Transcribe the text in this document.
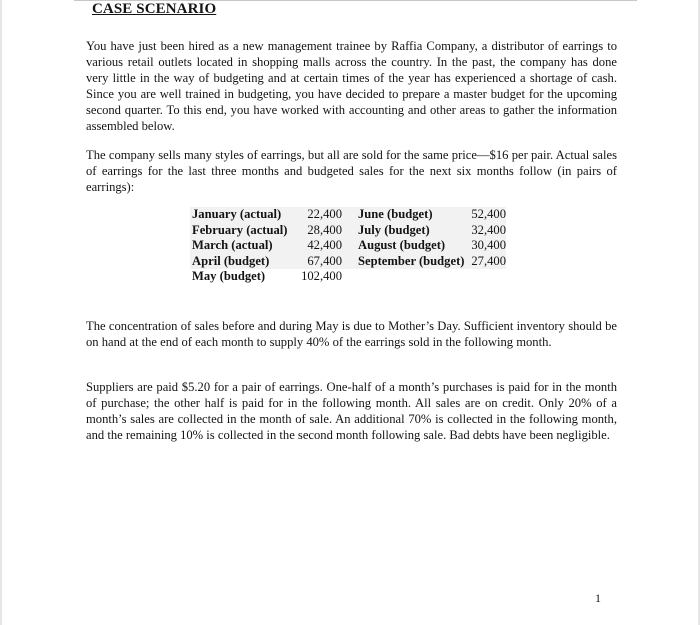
CASE SCENARIO

You have just been hired as a new management trainee by Raffia Company, a distributor of earrings to various retail outlets located in shopping malls across the country. In the past, the company has done very little in the way of budgeting and at certain times of the year has experienced a shortage of cash. Since you are well trained in budgeting, you have decided to prepare a master budget for the upcoming second quarter. To this end, you have worked with accounting and other areas to gather the information assembled below.

The company sells many styles of earrings, but all are sold for the same price—$16 per pair. Actual sales of earrings for the last three months and budgeted sales for the next six months follow (in pairs of earrings):

January (actual)	22,400	June (budget)	52,400
February (actual)	28,400	July (budget)	32,400
March (actual)	42,400	August (budget)	30,400
April (budget)	67,400	September (budget)	27,400
May (budget)	102,400		

The concentration of sales before and during May is due to Mother’s Day. Sufficient inventory should be on hand at the end of each month to supply 40% of the earrings sold in the following month.

Suppliers are paid $5.20 for a pair of earrings. One-half of a month’s purchases is paid for in the month of purchase; the other half is paid for in the following month. All sales are on credit. Only 20% of a month’s sales are collected in the month of sale. An additional 70% is collected in the following month, and the remaining 10% is collected in the second month following sale. Bad debts have been negligible.

1
